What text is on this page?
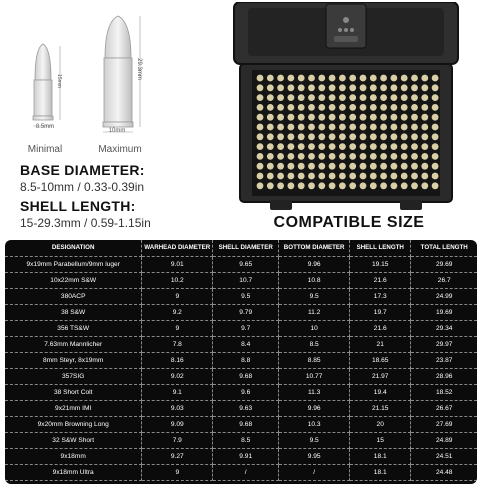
15mm
8.5mm
29.3mm
10mm
Minimal	Maximum
BASE DIAMETER:
8.5-10mm / 0.33-0.39in
SHELL LENGTH:
15-29.3mm / 0.59-1.15in	COMPATIBLE SIZE
DESIGNATION	WARHEAD DIAMETER	SHELL DIAMETER	BOTTOM DIAMETER	SHELL LENGTH	TOTAL LENGTH
9x19mm Parabellum/9mm luger	9.01	9.65	9.96	19.15	29.69
10x22mm S&W	10.2	10.7	10.8	21.6	26.7
380ACP	9	9.5	9.5	17.3	24.99
38 S&W	9.2	9.79	11.2	19.7	19.69
356 TS&W	9	9.7	10	21.6	29.34
7.63mm Mannlicher	7.8	8.4	8.5	21	29.97
8mm Steyr, 8x19mm	8.16	8.8	8.85	18.65	23.87
357SIG	9.02	9.68	10.77	21.97	28.96
38 Short Colt	9.1	9.6	11.3	19.4	18.52
9x21mm IMI	9.03	9.63	9.96	21.15	26.67
9x20mm Browning Long	9.09	9.68	10.3	20	27.69
32 S&W Short	7.9	8.5	9.5	15	24.89
9x18mm	9.27	9.91	9.95	18.1	24.51
9x18mm Ultra	9	/	/	18.1	24.48
